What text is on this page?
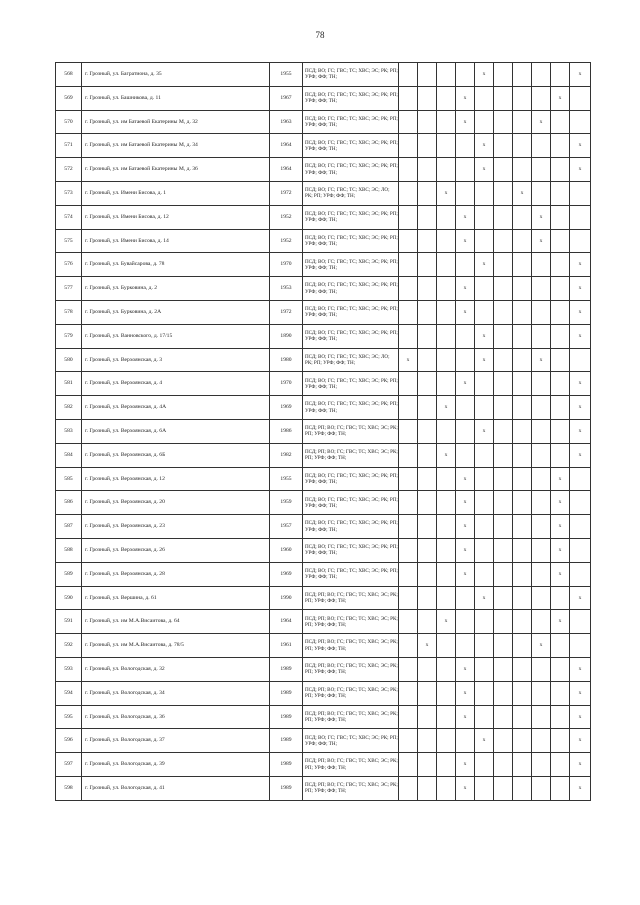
78
568	г. Грозный, ул. Багратиона, д. 35	1955	ПСД; ВО; ГС; ГВС; ТС; ХВС; ЭС; РК; РП; УРФ; ФФ; ТН;					x					x
569	г. Грозный, ул. Башникова, д. 11	1967	ПСД; ВО; ГС; ГВС; ТС; ХВС; ЭС; РК; РП; УРФ; ФФ; ТН;				x					x	
570	г. Грозный, ул. им Батаевой Екатерины М, д. 32	1963	ПСД; ВО; ГС; ГВС; ТС; ХВС; ЭС; РК; РП; УРФ; ФФ; ТН;				x				x		
571	г. Грозный, ул. им Батаевой Екатерины М, д. 34	1964	ПСД; ВО; ГС; ГВС; ТС; ХВС; ЭС; РК; РП; УРФ; ФФ; ТН;					x					x
572	г. Грозный, ул. им Батаевой Екатерины М, д. 36	1964	ПСД; ВО; ГС; ГВС; ТС; ХВС; ЭС; РК; РП; УРФ; ФФ; ТН;					x					x
573	г. Грозный, ул. Имени Бисова, д. 1	1972	ПСД; ВО; ГС; ГВС; ТС; ХВС; ЭС; ЛО; РК; РП; УРФ; ФФ; ТН;			x				x			
574	г. Грозный, ул. Имени Бисова, д. 12	1952	ПСД; ВО; ГС; ГВС; ТС; ХВС; ЭС; РК; РП; УРФ; ФФ; ТН;				x				x		
575	г. Грозный, ул. Имени Бисова, д. 14	1952	ПСД; ВО; ГС; ГВС; ТС; ХВС; ЭС; РК; РП; УРФ; ФФ; ТН;				x				x		
576	г. Грозный, ул. Бувайсарова, д. 78	1970	ПСД; ВО; ГС; ГВС; ТС; ХВС; ЭС; РК; РП; УРФ; ФФ; ТН;					x					x
577	г. Грозный, ул. Бурковина, д. 2	1953	ПСД; ВО; ГС; ГВС; ТС; ХВС; ЭС; РК; РП; УРФ; ФФ; ТН;				x						x
578	г. Грозный, ул. Бурковина, д. 2А	1972	ПСД; ВО; ГС; ГВС; ТС; ХВС; ЭС; РК; РП; УРФ; ФФ; ТН;				x						x
579	г. Грозный, ул. Ванновского, д. 17/15	1890	ПСД; ВО; ГС; ГВС; ТС; ХВС; ЭС; РК; РП; УРФ; ФФ; ТН;					x					x
580	г. Грозный, ул. Верхоянская, д. 3	1980	ПСД; ВО; ГС; ГВС; ТС; ХВС; ЭС; ЛО; РК; РП; УРФ; ФФ; ТН;	x				x			x		
581	г. Грозный, ул. Верхоянская, д. 4	1970	ПСД; ВО; ГС; ГВС; ТС; ХВС; ЭС; РК; РП; УРФ; ФФ; ТН;				x						x
582	г. Грозный, ул. Верхоянская, д. 4А	1969	ПСД; ВО; ГС; ГВС; ТС; ХВС; ЭС; РК; РП; УРФ; ФФ; ТН;			x							x
583	г. Грозный, ул. Верхоянская, д. 6А	1986	ПСД; РП; ВО; ГС; ГВС; ТС; ХВС; ЭС; РК; РП; УРФ; ФФ; ТН;					x					x
584	г. Грозный, ул. Верхоянская, д. 6Б	1982	ПСД; РП; ВО; ГС; ГВС; ТС; ХВС; ЭС; РК; РП; УРФ; ФФ; ТН;			x							x
585	г. Грозный, ул. Верхоянская, д. 12	1955	ПСД; ВО; ГС; ГВС; ТС; ХВС; ЭС; РК; РП; УРФ; ФФ; ТН;				x					x	
586	г. Грозный, ул. Верхоянская, д. 20	1959	ПСД; ВО; ГС; ГВС; ТС; ХВС; ЭС; РК; РП; УРФ; ФФ; ТН;				x					x	
587	г. Грозный, ул. Верхоянская, д. 23	1957	ПСД; ВО; ГС; ГВС; ТС; ХВС; ЭС; РК; РП; УРФ; ФФ; ТН;				x					x	
588	г. Грозный, ул. Верхоянская, д. 26	1960	ПСД; ВО; ГС; ГВС; ТС; ХВС; ЭС; РК; РП; УРФ; ФФ; ТН;				x					x	
589	г. Грозный, ул. Верхоянская, д. 28	1969	ПСД; ВО; ГС; ГВС; ТС; ХВС; ЭС; РК; РП; УРФ; ФФ; ТН;				x					x	
590	г. Грозный, ул. Вершина, д. 61	1990	ПСД; РП; ВО; ГС; ГВС; ТС; ХВС; ЭС; РК; РП; УРФ; ФФ; ТН;					x					x
591	г. Грозный, ул. им М.А.Висаитова, д. 64	1964	ПСД; РП; ВО; ГС; ГВС; ТС; ХВС; ЭС; РК; РП; УРФ; ФФ; ТН;			x						x	
592	г. Грозный, ул. им М.А.Висаитова, д. 78/5	1961	ПСД; РП; ВО; ГС; ГВС; ТС; ХВС; ЭС; РК; РП; УРФ; ФФ; ТН;		x						x		
593	г. Грозный, ул. Вологодская, д. 32	1989	ПСД; РП; ВО; ГС; ГВС; ТС; ХВС; ЭС; РК; РП; УРФ; ФФ; ТН;				x						x
594	г. Грозный, ул. Вологодская, д. 34	1989	ПСД; РП; ВО; ГС; ГВС; ТС; ХВС; ЭС; РК; РП; УРФ; ФФ; ТН;				x						x
595	г. Грозный, ул. Вологодская, д. 36	1989	ПСД; РП; ВО; ГС; ГВС; ТС; ХВС; ЭС; РК; РП; УРФ; ФФ; ТН;				x						x
596	г. Грозный, ул. Вологодская, д. 37	1989	ПСД; ВО; ГС; ГВС; ТС; ХВС; ЭС; РК; РП; УРФ; ФФ; ТН;					x					x
597	г. Грозный, ул. Вологодская, д. 39	1989	ПСД; РП; ВО; ГС; ГВС; ТС; ХВС; ЭС; РК; РП; УРФ; ФФ; ТН;				x						x
598	г. Грозный, ул. Вологодская, д. 41	1989	ПСД; РП; ВО; ГС; ГВС; ТС; ХВС; ЭС; РК; РП; УРФ; ФФ; ТН;				x						x
